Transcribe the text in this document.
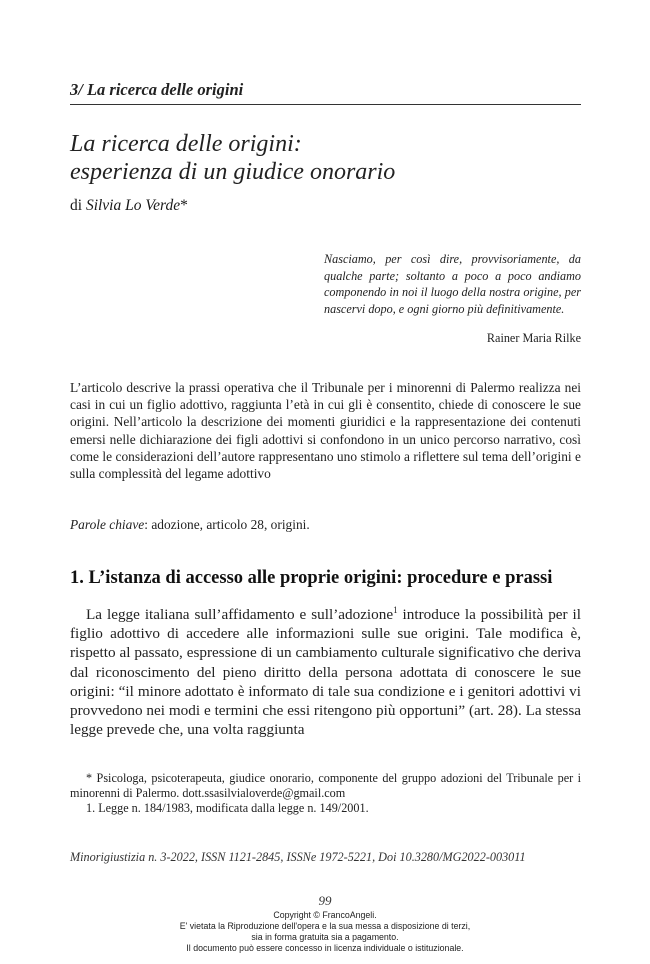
3/ La ricerca delle origini
La ricerca delle origini:
esperienza di un giudice onorario
di Silvia Lo Verde*
Nasciamo, per così dire, provvisoriamente, da qualche parte; soltanto a poco a poco andiamo componendo in noi il luogo della nostra origine, per nascervi dopo, e ogni giorno più definitivamente.
Rainer Maria Rilke
L’articolo descrive la prassi operativa che il Tribunale per i minorenni di Palermo realizza nei casi in cui un figlio adottivo, raggiunta l’età in cui gli è consentito, chiede di conoscere le sue origini. Nell’articolo la descrizione dei momenti giuridici e la rappresentazione dei contenuti emersi nelle dichiarazione dei figli adottivi si confondono in un unico percorso narrativo, così come le considerazioni dell’autore rappresentano uno stimolo a riflettere sul tema dell’origini e sulla complessità del legame adottivo
Parole chiave: adozione, articolo 28, origini.
1. L’istanza di accesso alle proprie origini: procedure e prassi
La legge italiana sull’affidamento e sull’adozione$^1$ introduce la possibilità per il figlio adottivo di accedere alle informazioni sulle sue origini. Tale modifica è, rispetto al passato, espressione di un cambiamento culturale significativo che deriva dal riconoscimento del pieno diritto della persona adottata di conoscere le sue origini: “il minore adottato è informato di tale sua condizione e i genitori adottivi vi provvedono nei modi e termini che essi ritengono più opportuni” (art. 28). La stessa legge prevede che, una volta raggiunta
* Psicologa, psicoterapeuta, giudice onorario, componente del gruppo adozioni del Tribunale per i minorenni di Palermo. dott.ssasilvialoverde@gmail.com
1. Legge n. 184/1983, modificata dalla legge n. 149/2001.
Minorigiustizia n. 3-2022, ISSN 1121-2845, ISSNe 1972-5221, Doi 10.3280/MG2022-003011
99
Copyright © FrancoAngeli.
E' vietata la Riproduzione dell'opera e la sua messa a disposizione di terzi,
sia in forma gratuita sia a pagamento.
Il documento può essere concesso in licenza individuale o istituzionale.
